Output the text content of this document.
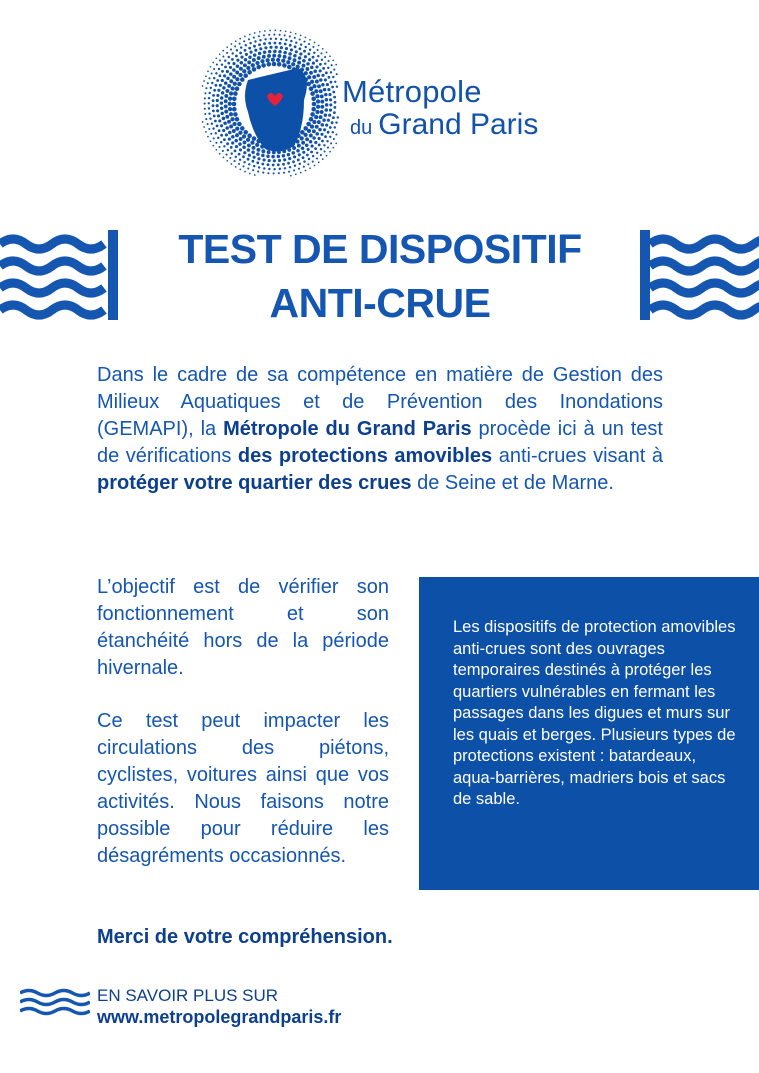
Métropole
du Grand Paris
TEST DE DISPOSITIF
ANTI-CRUE

Dans le cadre de sa compétence en matière de Gestion des Milieux Aquatiques et de Prévention des Inondations (GEMAPI), la Métropole du Grand Paris procède ici à un test de vérifications des protections amovibles anti-crues visant à protéger votre quartier des crues de Seine et de Marne.

L’objectif est de vérifier son fonctionnement et son étanchéité hors de la période hivernale.

Ce test peut impacter les circulations des piétons, cyclistes, voitures ainsi que vos activités. Nous faisons notre possible pour réduire les désagréments occasionnés.

Les dispositifs de protection amovibles anti-crues sont des ouvrages temporaires destinés à protéger les quartiers vulnérables en fermant les passages dans les digues et murs sur les quais et berges. Plusieurs types de protections existent : batardeaux, aqua-barrières, madriers bois et sacs de sable.

Merci de votre compréhension.

EN SAVOIR PLUS SUR
www.metropolegrandparis.fr
